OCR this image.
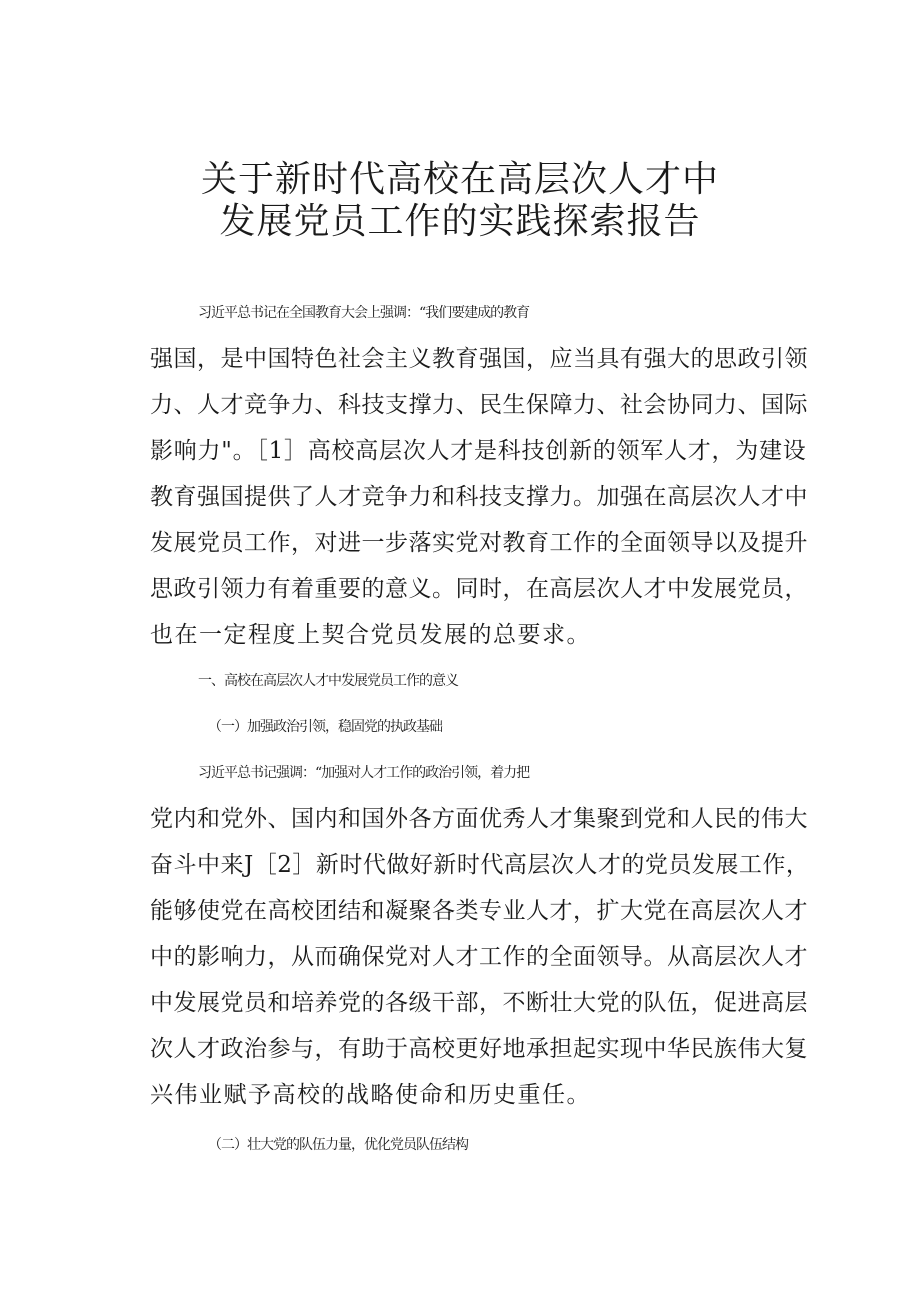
关于新时代高校在高层次人才中
发展党员工作的实践探索报告

习近平总书记在全国教育大会上强调：“我们要建成的教育

强国，是中国特色社会主义教育强国，应当具有强大的思政引领

力、人才竞争力、科技支撑力、民生保障力、社会协同力、国际

影响力"。［1］高校高层次人才是科技创新的领军人才，为建设

教育强国提供了人才竞争力和科技支撑力。加强在高层次人才中

发展党员工作，对进一步落实党对教育工作的全面领导以及提升

思政引领力有着重要的意义。同时，在高层次人才中发展党员，

也在一定程度上契合党员发展的总要求。

一、高校在高层次人才中发展党员工作的意义
（一）加强政治引领，稳固党的执政基础

习近平总书记强调：“加强对人才工作的政治引领，着力把

党内和党外、国内和国外各方面优秀人才集聚到党和人民的伟大

奋斗中来J［2］新时代做好新时代高层次人才的党员发展工作，

能够使党在高校团结和凝聚各类专业人才，扩大党在高层次人才

中的影响力，从而确保党对人才工作的全面领导。从高层次人才

中发展党员和培养党的各级干部，不断壮大党的队伍，促进高层

次人才政治参与，有助于高校更好地承担起实现中华民族伟大复

兴伟业赋予高校的战略使命和历史重任。

（二）壮大党的队伍力量，优化党员队伍结构
